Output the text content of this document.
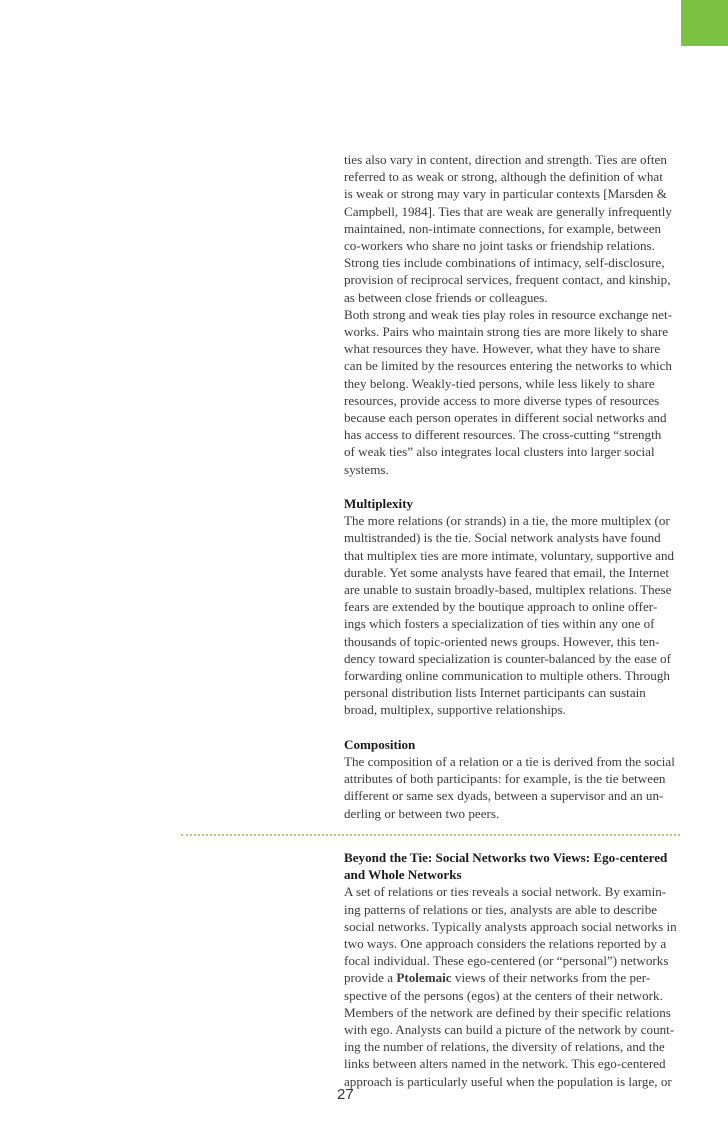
ties also vary in content, direction and strength. Ties are often
referred to as weak or strong, although the definition of what
is weak or strong may vary in particular contexts [Marsden &
Campbell, 1984]. Ties that are weak are generally infrequently
maintained, non-intimate connections, for example, between
co-workers who share no joint tasks or friendship relations.
Strong ties include combinations of intimacy, self-disclosure,
provision of reciprocal services, frequent contact, and kinship,
as between close friends or colleagues.

Both strong and weak ties play roles in resource exchange net-
works. Pairs who maintain strong ties are more likely to share
what resources they have. However, what they have to share
can be limited by the resources entering the networks to which
they belong. Weakly-tied persons, while less likely to share
resources, provide access to more diverse types of resources
because each person operates in different social networks and
has access to different resources. The cross-cutting “strength
of weak ties” also integrates local clusters into larger social
systems.

Multiplexity
The more relations (or strands) in a tie, the more multiplex (or
multistranded) is the tie. Social network analysts have found
that multiplex ties are more intimate, voluntary, supportive and
durable. Yet some analysts have feared that email, the Internet
are unable to sustain broadly-based, multiplex relations. These
fears are extended by the boutique approach to online offer-
ings which fosters a specialization of ties within any one of
thousands of topic-oriented news groups. However, this ten-
dency toward specialization is counter-balanced by the ease of
forwarding online communication to multiple others. Through
personal distribution lists Internet participants can sustain
broad, multiplex, supportive relationships.

Composition
The composition of a relation or a tie is derived from the social
attributes of both participants: for example, is the tie between
different or same sex dyads, between a supervisor and an un-
derling or between two peers.

Beyond the Tie: Social Networks two Views: Ego-centered
and Whole Networks
A set of relations or ties reveals a social network. By examin-
ing patterns of relations or ties, analysts are able to describe
social networks. Typically analysts approach social networks in
two ways. One approach considers the relations reported by a
focal individual. These ego-centered (or “personal”) networks
provide a Ptolemaic views of their networks from the per-
spective of the persons (egos) at the centers of their network.
Members of the network are defined by their specific relations
with ego. Analysts can build a picture of the network by count-
ing the number of relations, the diversity of relations, and the
links between alters named in the network. This ego-centered
approach is particularly useful when the population is large, or

27
